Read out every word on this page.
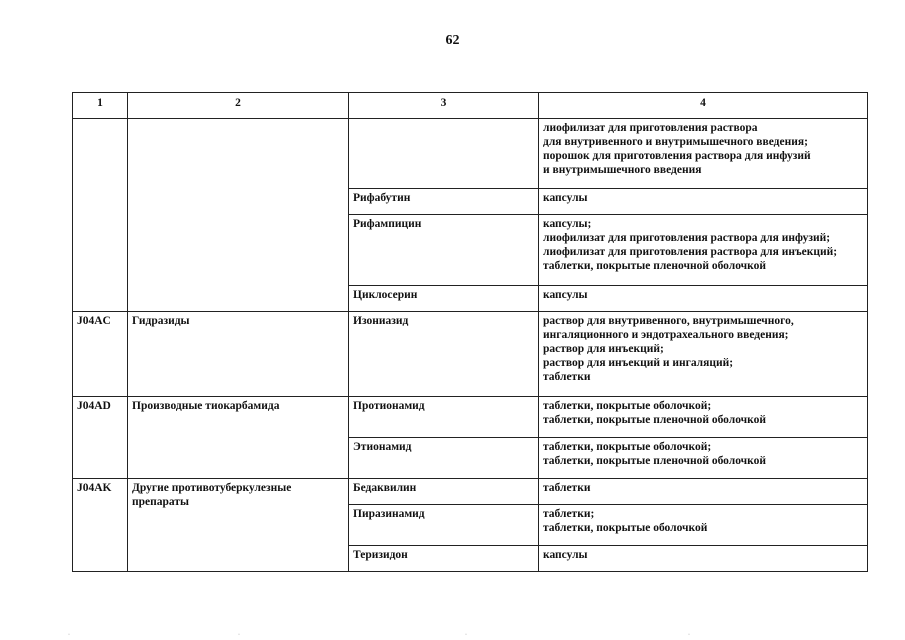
62
1	2	3	4

			лиофилизат для приготовления раствора
для внутривенного и внутримышечного введения;
порошок для приготовления раствора для инфузий
и внутримышечного введения

		Рифабутин	капсулы

		Рифампицин	капсулы;
лиофилизат для приготовления раствора для инфузий;
лиофилизат для приготовления раствора для инъекций;
таблетки, покрытые пленочной оболочкой

		Циклосерин	капсулы

J04AC	Гидразиды	Изониазид	раствор для внутривенного, внутримышечного,
ингаляционного и эндотрахеального введения;
раствор для инъекций;
раствор для инъекций и ингаляций;
таблетки

J04AD	Производные тиокарбамида	Протионамид	таблетки, покрытые оболочкой;
таблетки, покрытые пленочной оболочкой

		Этионамид	таблетки, покрытые оболочкой;
таблетки, покрытые пленочной оболочкой

J04AK	Другие противотуберкулезные препараты	Бедаквилин	таблетки

		Пиразинамид	таблетки;
таблетки, покрытые оболочкой

		Теризидон	капсулы
·	·	·	·
